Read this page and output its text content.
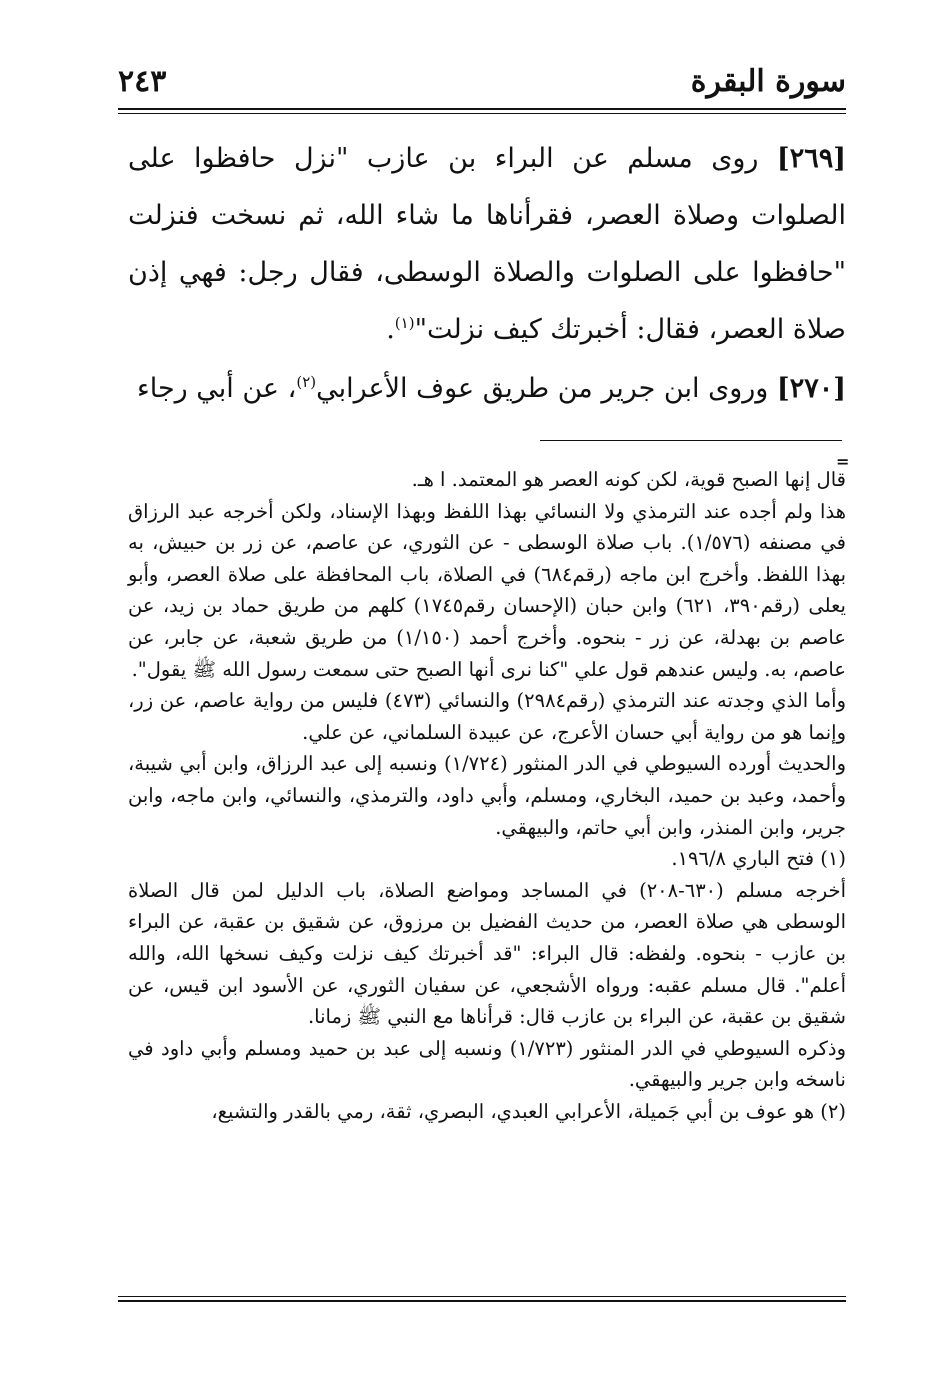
سورة البقرة
٢٤٣

[٢٦٩] روى مسلم عن البراء بن عازب "نزل حافظوا على الصلوات وصلاة العصر، فقرأناها ما شاء الله، ثم نسخت فنزلت "حافظوا على الصلوات والصلاة الوسطى، فقال رجل: فهي إذن صلاة العصر، فقال: أخبرتك كيف نزلت"$^{(١)}$.

[٢٧٠] وروى ابن جرير من طريق عوف الأعرابي$^{(٢)}$، عن أبي رجاء

=

قال إنها الصبح قوية، لكن كونه العصر هو المعتمد. ا هـ.

هذا ولم أجده عند الترمذي ولا النسائي بهذا اللفظ وبهذا الإسناد، ولكن أخرجه عبد الرزاق في مصنفه (١/٥٧٦). باب صلاة الوسطى - عن الثوري، عن عاصم، عن زر بن حبيش، به بهذا اللفظ. وأخرج ابن ماجه (رقم٦٨٤) في الصلاة، باب المحافظة على صلاة العصر، وأبو يعلى (رقم٣٩٠، ٦٢١) وابن حبان (الإحسان رقم١٧٤٥) كلهم من طريق حماد بن زيد، عن عاصم بن بهدلة، عن زر - بنحوه. وأخرج أحمد (١/١٥٠) من طريق شعبة، عن جابر، عن عاصم، به. وليس عندهم قول علي "كنا نرى أنها الصبح حتى سمعت رسول الله ﷺ يقول".

وأما الذي وجدته عند الترمذي (رقم٢٩٨٤) والنسائي (٤٧٣) فليس من رواية عاصم، عن زر، وإنما هو من رواية أبي حسان الأعرج، عن عبيدة السلماني، عن علي.

والحديث أورده السيوطي في الدر المنثور (١/٧٢٤) ونسبه إلى عبد الرزاق، وابن أبي شيبة، وأحمد، وعبد بن حميد، البخاري، ومسلم، وأبي داود، والترمذي، والنسائي، وابن ماجه، وابن جرير، وابن المنذر، وابن أبي حاتم، والبيهقي.

(١) فتح الباري ١٩٦/٨.

أخرجه مسلم (٦٣٠-٢٠٨) في المساجد ومواضع الصلاة، باب الدليل لمن قال الصلاة الوسطى هي صلاة العصر، من حديث الفضيل بن مرزوق، عن شقيق بن عقبة، عن البراء بن عازب - بنحوه. ولفظه: قال البراء: "قد أخبرتك كيف نزلت وكيف نسخها الله، والله أعلم". قال مسلم عقبه: ورواه الأشجعي، عن سفيان الثوري، عن الأسود ابن قيس، عن شقيق بن عقبة، عن البراء بن عازب قال: قرأناها مع النبي ﷺ زمانا.

وذكره السيوطي في الدر المنثور (١/٧٢٣) ونسبه إلى عبد بن حميد ومسلم وأبي داود في ناسخه وابن جرير والبيهقي.

(٢) هو عوف بن أبي جَميلة، الأعرابي العبدي، البصري، ثقة، رمي بالقدر والتشيع،
